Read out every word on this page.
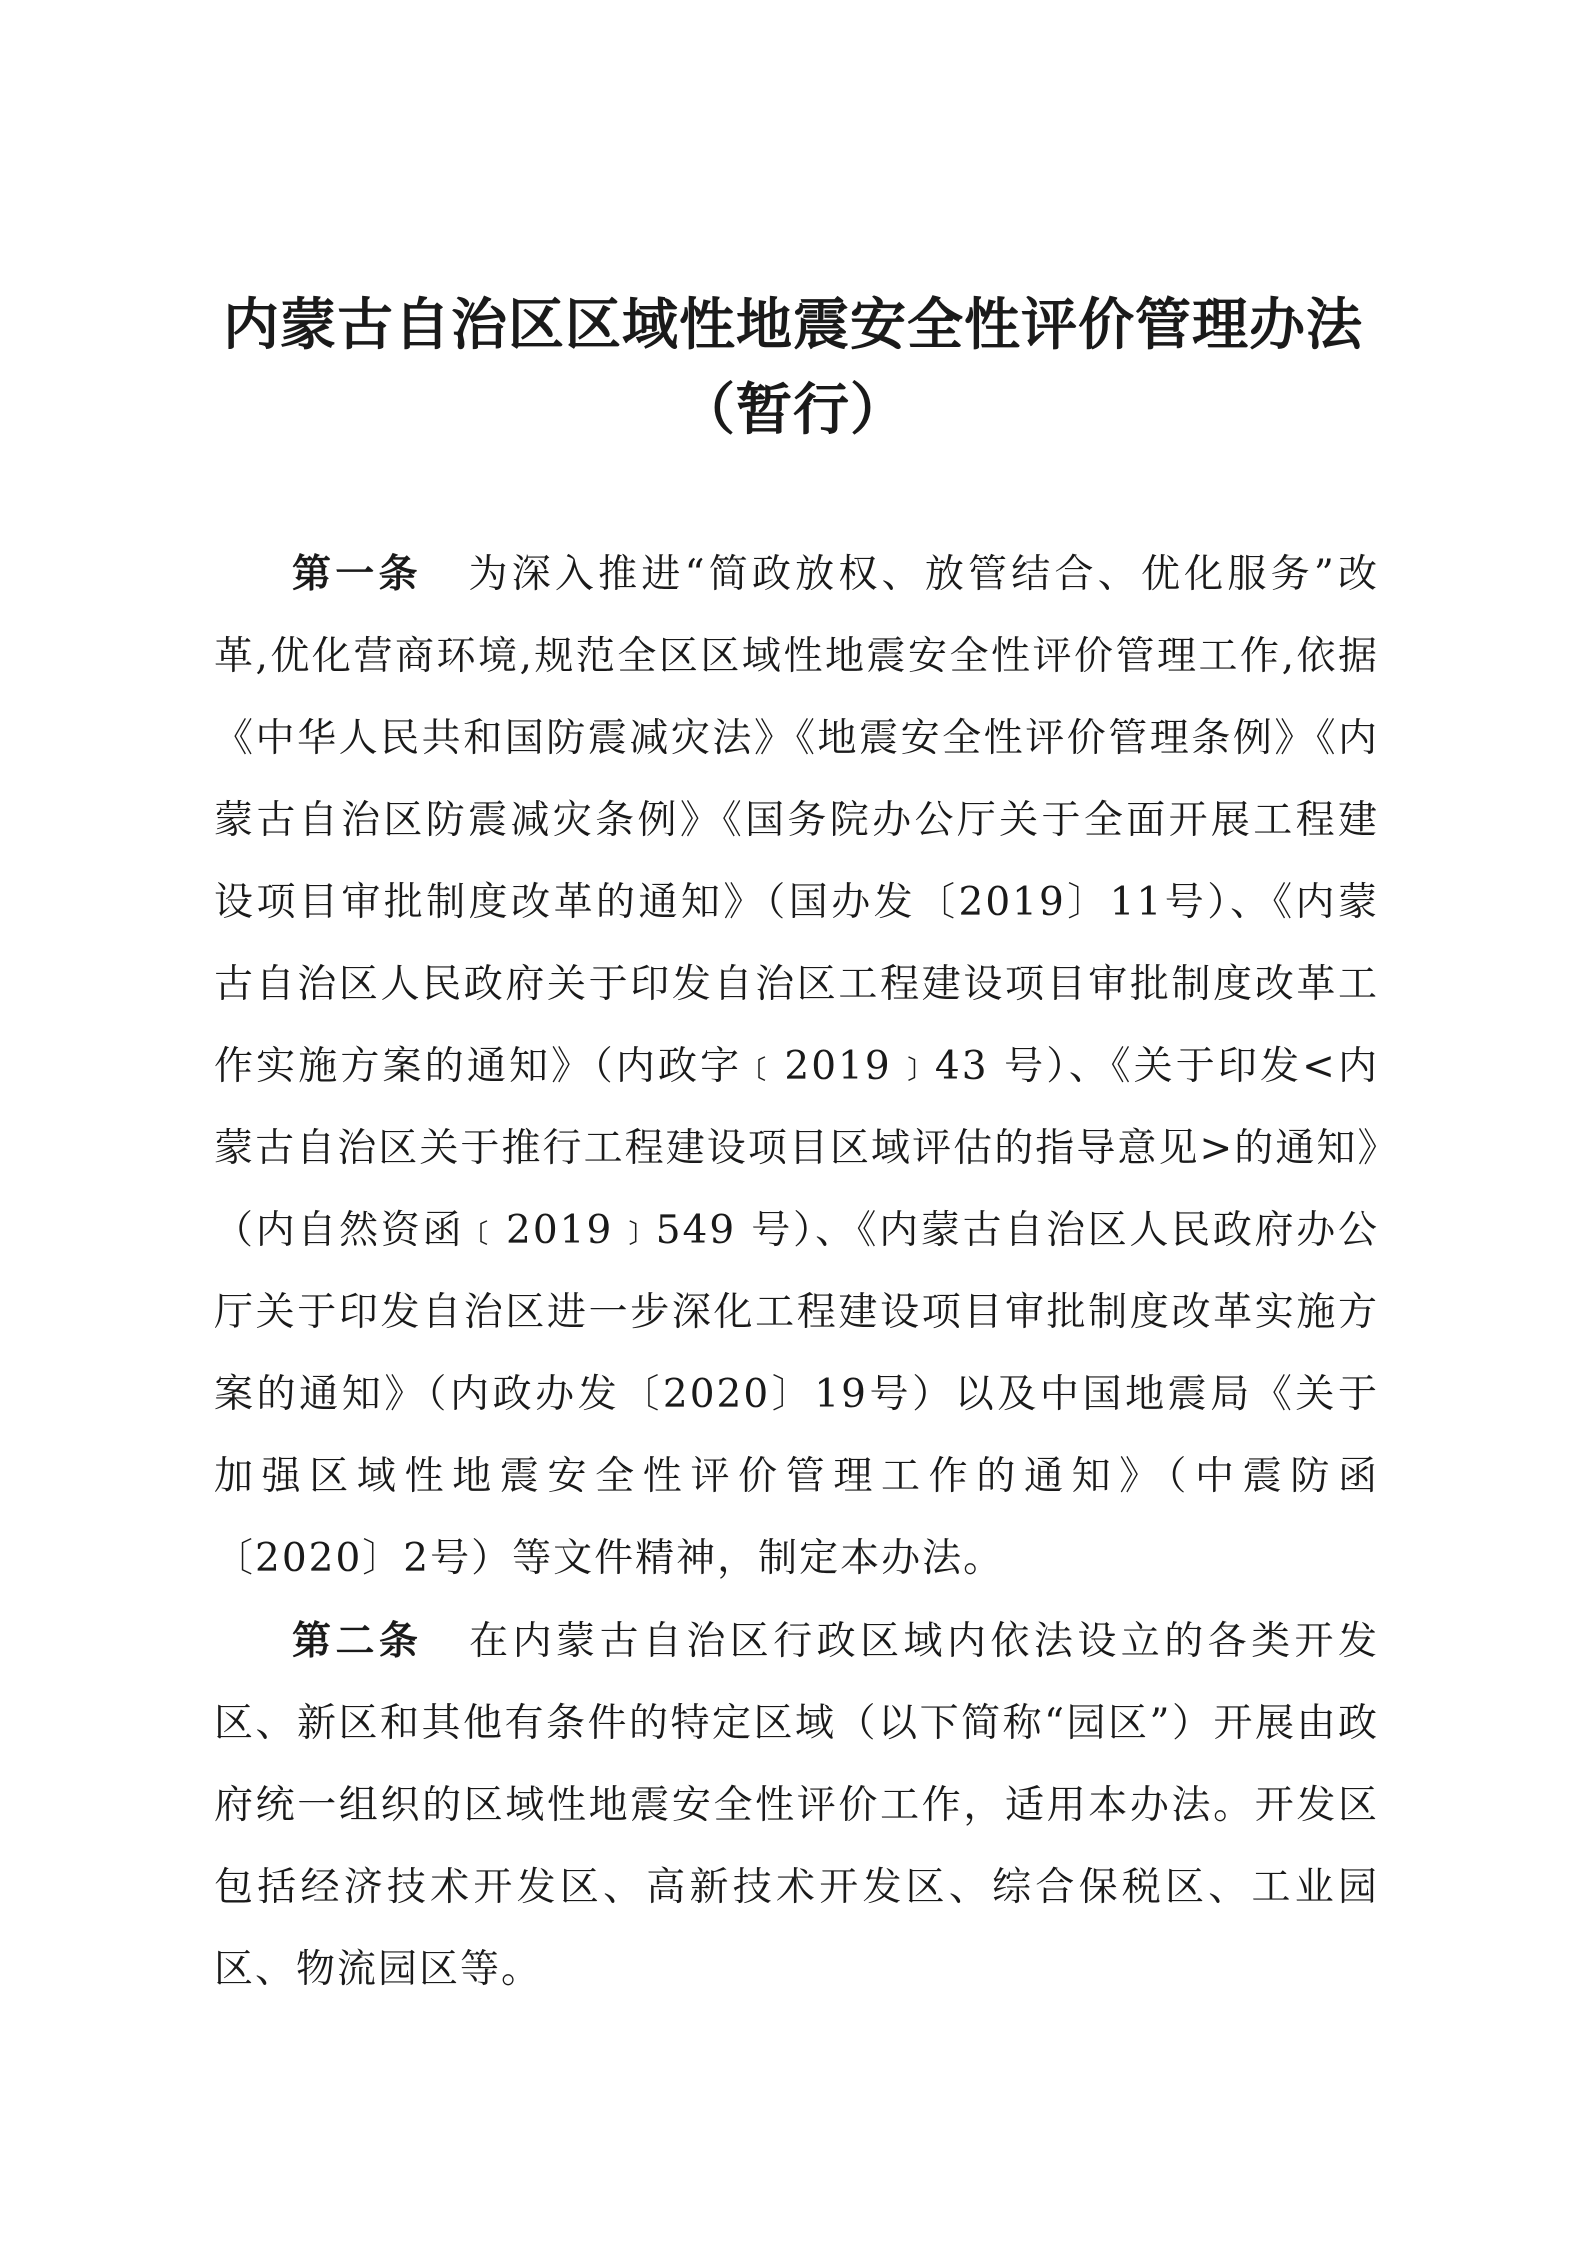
内蒙古自治区区域性地震安全性评价管理办法
（暂行）

第一条 为深入推进“简政放权、放管结合、优化服务”改革,优化营商环境,规范全区区域性地震安全性评价管理工作,依据《中华人民共和国防震减灾法》《地震安全性评价管理条例》《内蒙古自治区防震减灾条例》《国务院办公厅关于全面开展工程建设项目审批制度改革的通知》（国办发〔2019〕11号）、《内蒙古自治区人民政府关于印发自治区工程建设项目审批制度改革工作实施方案的通知》（内政字﹝2019﹞43 号）、《关于印发<内蒙古自治区关于推行工程建设项目区域评估的指导意见>的通知》（内自然资函﹝2019﹞549 号）、《内蒙古自治区人民政府办公厅关于印发自治区进一步深化工程建设项目审批制度改革实施方案的通知》（内政办发〔2020〕19号）以及中国地震局《关于加强区域性地震安全性评价管理工作的通知》（中震防函〔2020〕2号）等文件精神，制定本办法。

第二条 在内蒙古自治区行政区域内依法设立的各类开发区、新区和其他有条件的特定区域（以下简称“园区”）开展由政府统一组织的区域性地震安全性评价工作，适用本办法。开发区包括经济技术开发区、高新技术开发区、综合保税区、工业园区、物流园区等。
